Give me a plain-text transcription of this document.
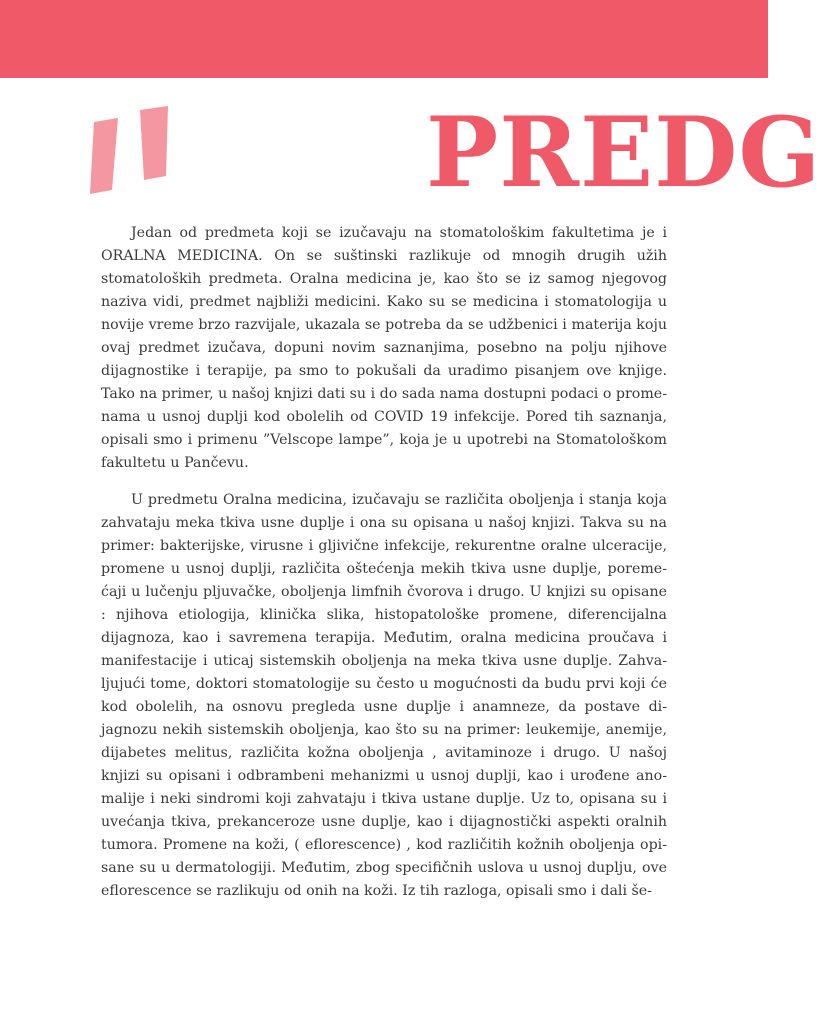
PREDG

Jedan od predmeta koji se izučavaju na stomatološkim fakultetima je i ORALNA MEDICINA. On se suštinski razlikuje od mnogih drugih užih stomatoloških predmeta. Oralna medicina je, kao što se iz samog njegovog naziva vidi, predmet najbliži medicini. Kako su se medicina i stomatologija u novije vreme brzo razvijale, ukazala se potreba da se udžbenici i materija koju ovaj predmet izučava, dopuni novim saznanjima, posebno na polju njihove dijagnostike i terapije, pa smo to pokušali da uradimo pisanjem ove knjige. Tako na primer, u našoj knjizi dati su i do sada nama dostupni podaci o promenama u usnoj duplji kod obolelih od COVID 19 infekcije. Pored tih saznanja, opisali smo i primenu ”Velscope lampe”, koja je u upotrebi na Stomatološkom fakultetu u Pančevu.

U predmetu Oralna medicina, izučavaju se različita oboljenja i stanja koja zahvataju meka tkiva usne duplje i ona su opisana u našoj knjizi. Takva su na primer: bakterijske, virusne i gljivične infekcije, rekurentne oralne ulceracije, promene u usnoj duplji, različita oštećenja mekih tkiva usne duplje, poremećaji u lučenju pljuvačke, oboljenja limfnih čvorova i drugo. U knjizi su opisane : njihova etiologija, klinička slika, histopatološke promene, diferencijalna dijagnoza, kao i savremena terapija. Međutim, oralna medicina proučava i manifestacije i uticaj sistemskih oboljenja na meka tkiva usne duplje. Zahvaljujući tome, doktori stomatologije su često u mogućnosti da budu prvi koji će kod obolelih, na osnovu pregleda usne duplje i anamneze, da postave dijagnozu nekih sistemskih oboljenja, kao što su na primer: leukemije, anemije, dijabetes melitus, različita kožna oboljenja , avitaminoze i drugo. U našoj knjizi su opisani i odbrambeni mehanizmi u usnoj duplji, kao i urođene anomalije i neki sindromi koji zahvataju i tkiva ustane duplje. Uz to, opisana su i uvećanja tkiva, prekanceroze usne duplje, kao i dijagnostički aspekti oralnih tumora. Promene na koži, ( eflorescence) , kod različitih kožnih oboljenja opisane su u dermatologiji. Međutim, zbog specifičnih uslova u usnoj duplju, ove eflorescence se razlikuju od onih na koži. Iz tih razloga, opisali smo i dali še-
